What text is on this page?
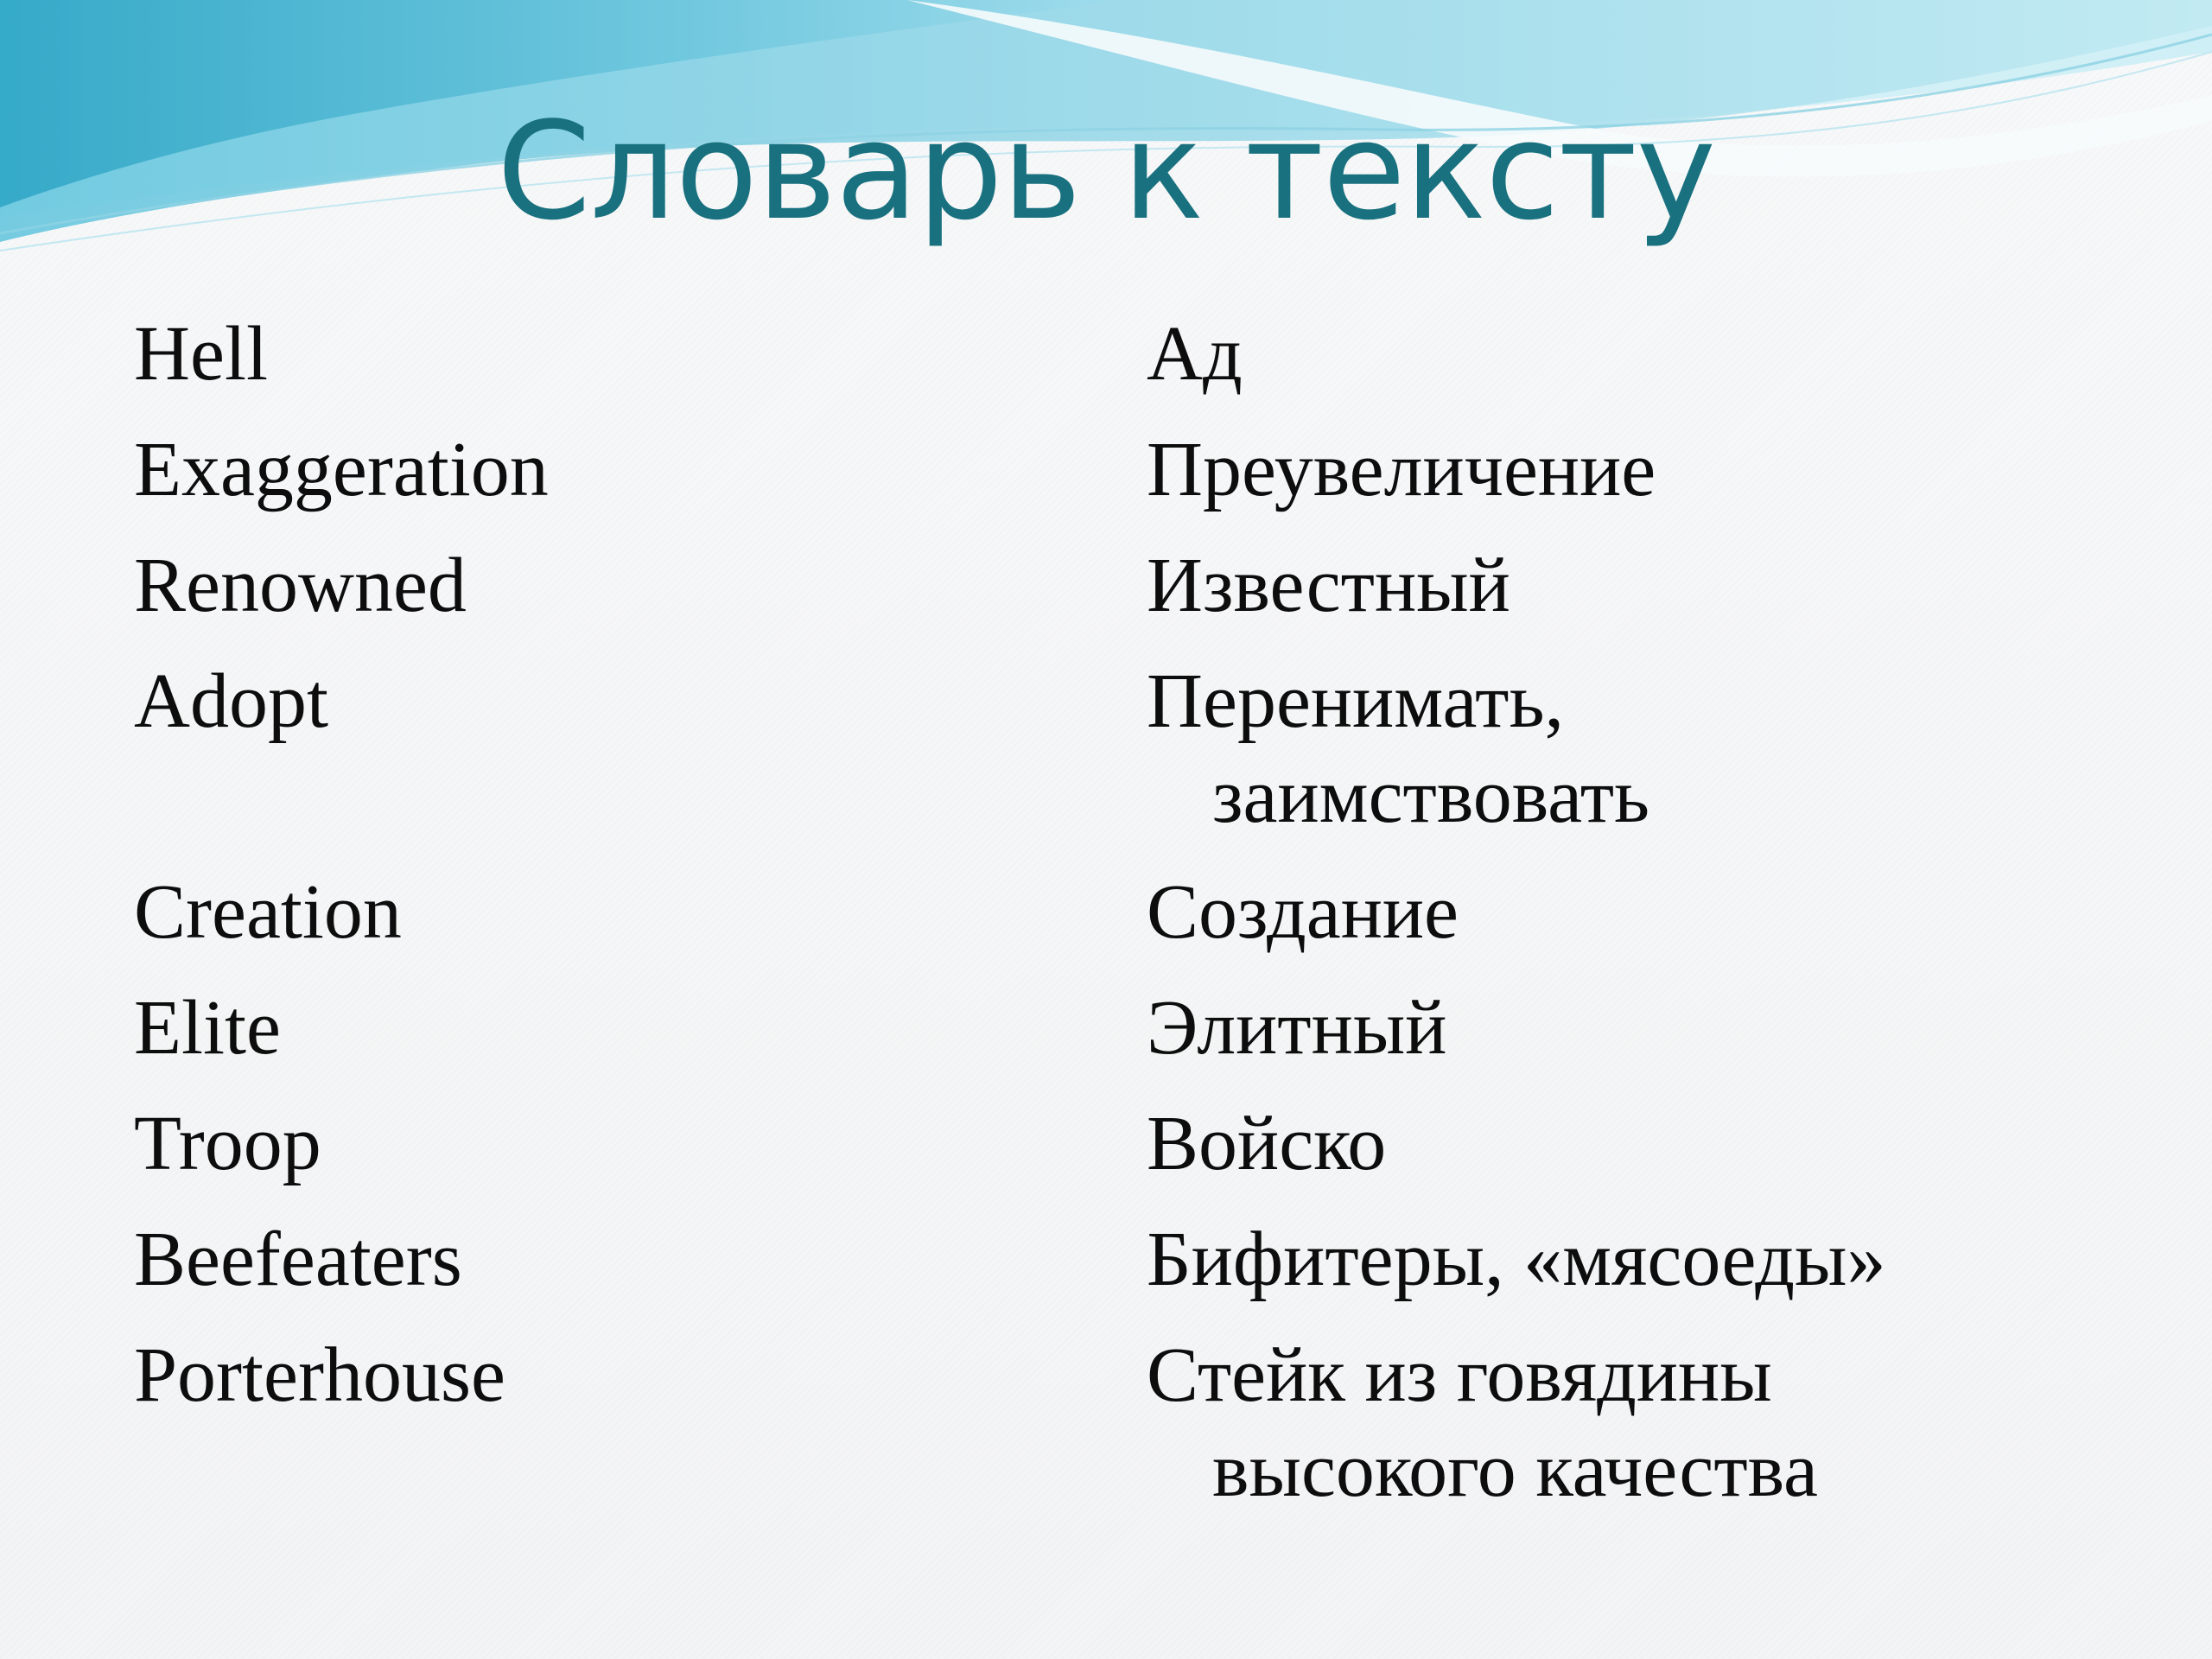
Словарь к тексту
Hell
Exaggeration
Renowned
Adopt
Creation
Elite
Troop
Beefeaters
Porterhouse
Ад
Преувеличение
Известный
Перенимать, заимствовать
Создание
Элитный
Войско
Бифитеры, «мясоеды»
Стейк из говядины высокого качества
